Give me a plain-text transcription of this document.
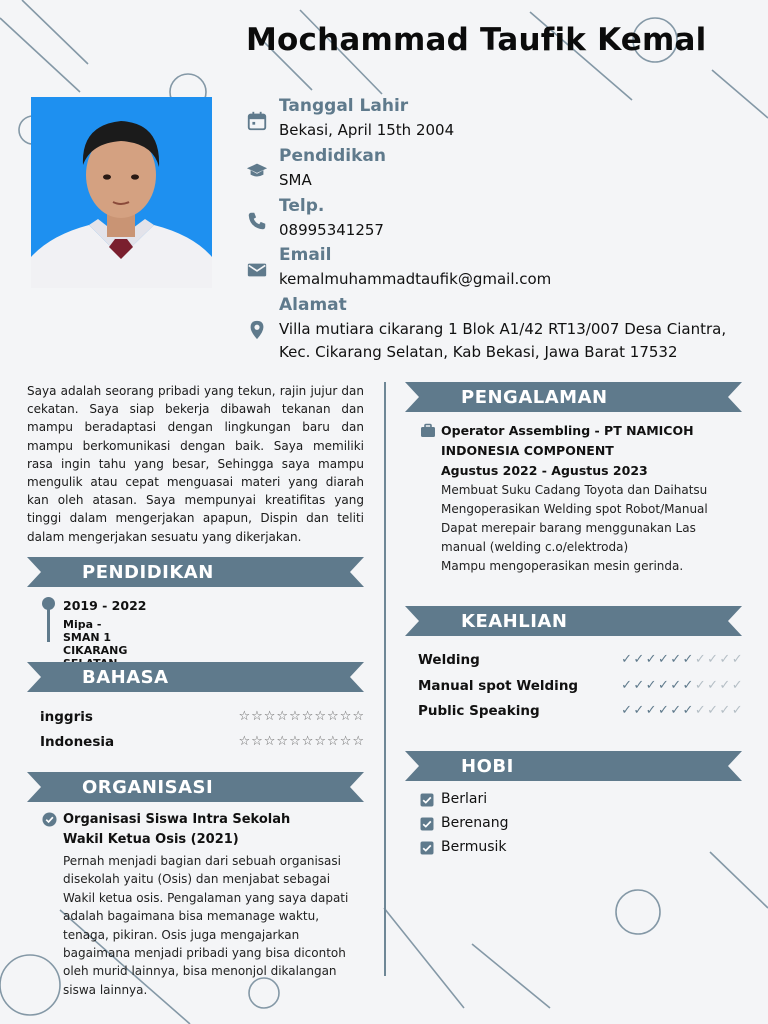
Mochammad Taufik Kemal
Tanggal Lahir
Bekasi, April 15th 2004
Pendidikan
SMA
Telp.
08995341257
Email
kemalmuhammadtaufik@gmail.com
Alamat
Villa mutiara cikarang 1 Blok A1/42 RT13/007 Desa Ciantra,
Kec. Cikarang Selatan, Kab Bekasi, Jawa Barat 17532
Saya adalah seorang pribadi yang tekun, rajin jujur dan cekatan. Saya siap bekerja dibawah tekanan dan mampu beradaptasi dengan lingkungan baru dan mampu berkomunikasi dengan baik. Saya memiliki rasa ingin tahu yang besar, Sehingga saya mampu mengulik atau cepat menguasai materi yang diarah kan oleh atasan. Saya mempunyai kreatifitas yang tinggi dalam mengerjakan apapun, Dispin dan teliti dalam mengerjakan sesuatu yang dikerjakan.
PENDIDIKAN
2019 - 2022
Mipa - SMAN 1 CIKARANG
BAHASA
inggris	☆☆☆☆☆☆☆☆☆☆
Indonesia	☆☆☆☆☆☆☆☆☆☆
ORGANISASI
Organisasi Siswa Intra Sekolah
Wakil Ketua Osis (2021)
Pernah menjadi bagian dari sebuah organisasi disekolah yaitu (Osis) dan menjabat sebagai Wakil ketua osis. Pengalaman yang saya dapati adalah bagaimana bisa memanage waktu, tenaga, pikiran. Osis juga mengajarkan bagaimana menjadi pribadi yang bisa dicontoh oleh murid lainnya, bisa menonjol dikalangan siswa lainnya.
PENGALAMAN
Operator Assembling - PT NAMICOH
INDONESIA COMPONENT
Agustus 2022 - Agustus 2023
Membuat Suku Cadang Toyota dan Daihatsu
Mengoperasikan Welding spot Robot/Manual
Dapat merepair barang menggunakan Las
manual (welding c.o/elektroda)
Mampu mengoperasikan mesin gerinda.
KEAHLIAN
Welding	✓✓✓✓✓✓✓✓✓✓
Manual spot Welding	✓✓✓✓✓✓✓✓✓✓
Public Speaking	✓✓✓✓✓✓✓✓✓✓
HOBI
Berlari
Berenang
Bermusik
